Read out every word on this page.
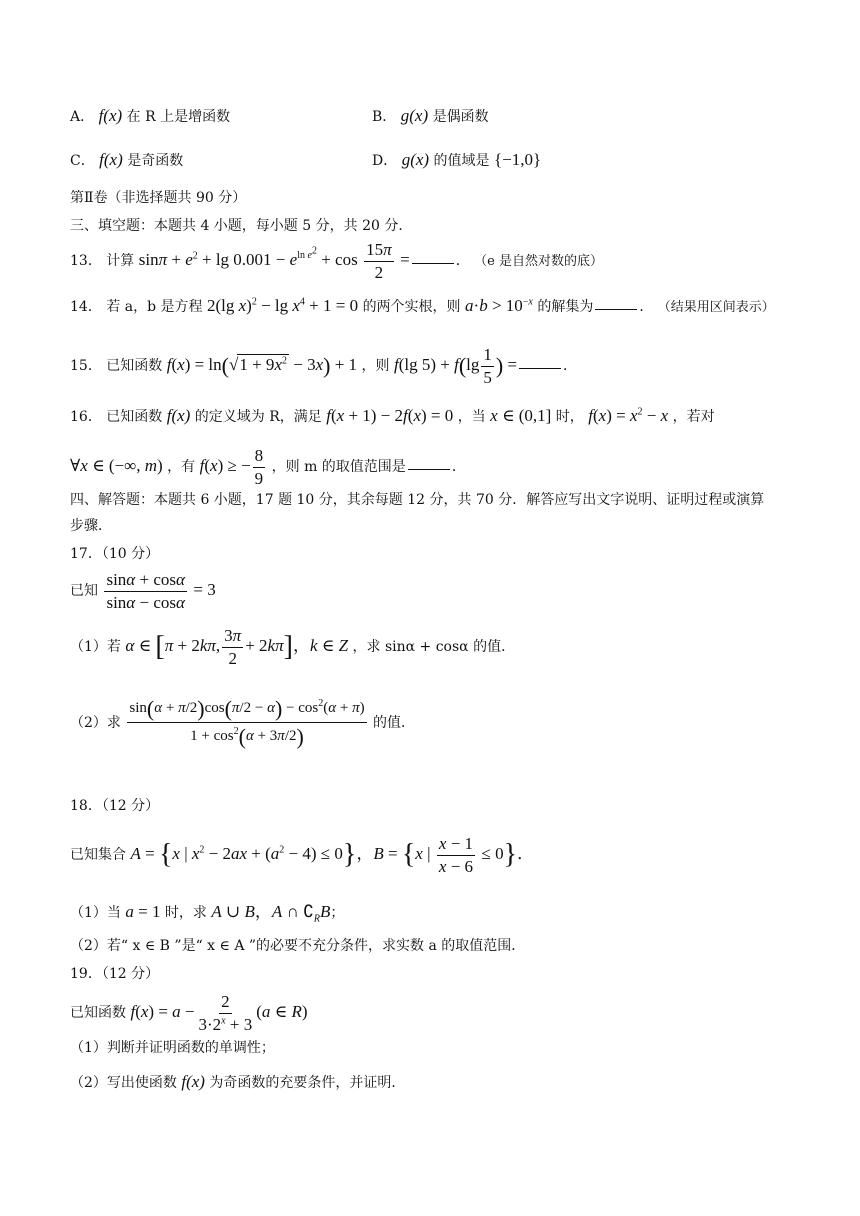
A． f(x) 在 R 上是增函数	B． g(x) 是偶函数
C． f(x) 是奇函数	D． g(x) 的值域是 {−1,0}
第Ⅱ卷（非选择题共 90 分）
三、填空题：本题共 4 小题，每小题 5 分，共 20 分．
13． 计算 $\sin\pi + e^2 + \lg 0.001 - e^{ln e^2} + \cos \frac{15\pi}{2}$ =	． （e 是自然对数的底）
14． 若 a，b 是方程 2(lg $x)^2 - \lg x^4 + 1 = 0$ 的两个实根，则 $a\cdot b > 10^{-x}$ 的解集为	． （结果用区间表示）
15． 已知函数 $f(x) = \ln(√1 + 9x^2 - 3x) + 1$ ，则 f(lg $5) + f(\lg \frac{1}{5}$ ) =	．
16． 已知函数 f(x) 的定义域为 R，满足 f(x + 1) − 2f(x) = 0 ，当 x ∈ (0,1] 时， $f(x) = x^2 - x$ ，若对
∀x ∈ (−∞, m) ，有 f(x) ≥ − $\frac{8}{9}$ ，则 m 的取值范围是	．
四、解答题：本题共 6 小题，17 题 10 分，其余每题 12 分，共 70 分．解答应写出文字说明、证明过程或演算
步骤．
17．（10 分）
已知 $\frac{\sin\alpha + \cos\alpha}{\sin\alpha - \cos\alpha} = 3$
（1）若 α ∈ [π + 2kπ, $\frac{3\pi}{2} + 2k\pi$]，k ∈ Z ，求 sinα + cosα 的值．
（2）求 $\frac{\sin(\alpha + \pi/2)\cos(\pi/2 - \alpha) - \cos^2(\alpha + \pi)}{1 + \cos^2(\alpha + 3\pi/2)}$ 的值．
18．（12 分）
已知集合 A = {x | $x^2 - 2ax + (a^2 - 4) \le 0$}，B = {x | $\frac{x - 1}{x - 6} \le 0$}．
（1）当 a = 1 时，求 A ∪ B，A ∩ $∁_RB$；
（2）若“ x ∈ B ”是“ x ∈ A ”的必要不充分条件，求实数 a 的取值范围．
19．（12 分）
已知函数 $f(x) = a - \frac{2}{3\cdot 2^x + 3} (a$ ∈ R)
（1）判断并证明函数的单调性；
（2）写出使函数 f(x) 为奇函数的充要条件，并证明．
